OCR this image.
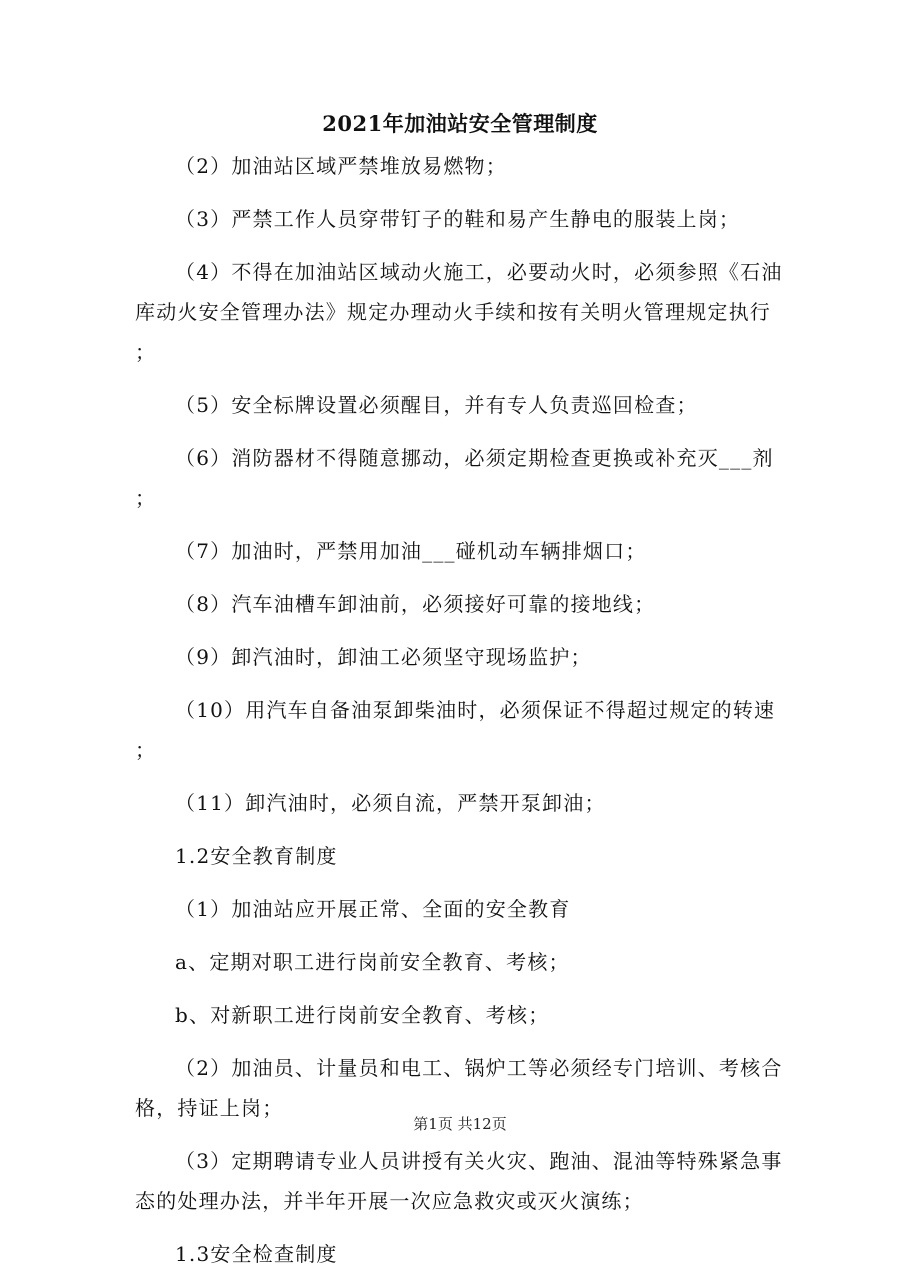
2021年加油站安全管理制度

（2）加油站区域严禁堆放易燃物；

（3）严禁工作人员穿带钉子的鞋和易产生静电的服装上岗；

（4）不得在加油站区域动火施工，必要动火时，必须参照《石油

库动火安全管理办法》规定办理动火手续和按有关明火管理规定执行

；

（5）安全标牌设置必须醒目，并有专人负责巡回检查；

（6）消防器材不得随意挪动，必须定期检查更换或补充灭___剂

；

（7）加油时，严禁用加油___碰机动车辆排烟口；

（8）汽车油槽车卸油前，必须接好可靠的接地线；

（9）卸汽油时，卸油工必须坚守现场监护；

（10）用汽车自备油泵卸柴油时，必须保证不得超过规定的转速

；

（11）卸汽油时，必须自流，严禁开泵卸油；

1.2安全教育制度

（1）加油站应开展正常、全面的安全教育

a、定期对职工进行岗前安全教育、考核；

b、对新职工进行岗前安全教育、考核；

（2）加油员、计量员和电工、锅炉工等必须经专门培训、考核合

格，持证上岗；

（3）定期聘请专业人员讲授有关火灾、跑油、混油等特殊紧急事

态的处理办法，并半年开展一次应急救灾或灭火演练；

1.3安全检查制度

第1页 共12页
